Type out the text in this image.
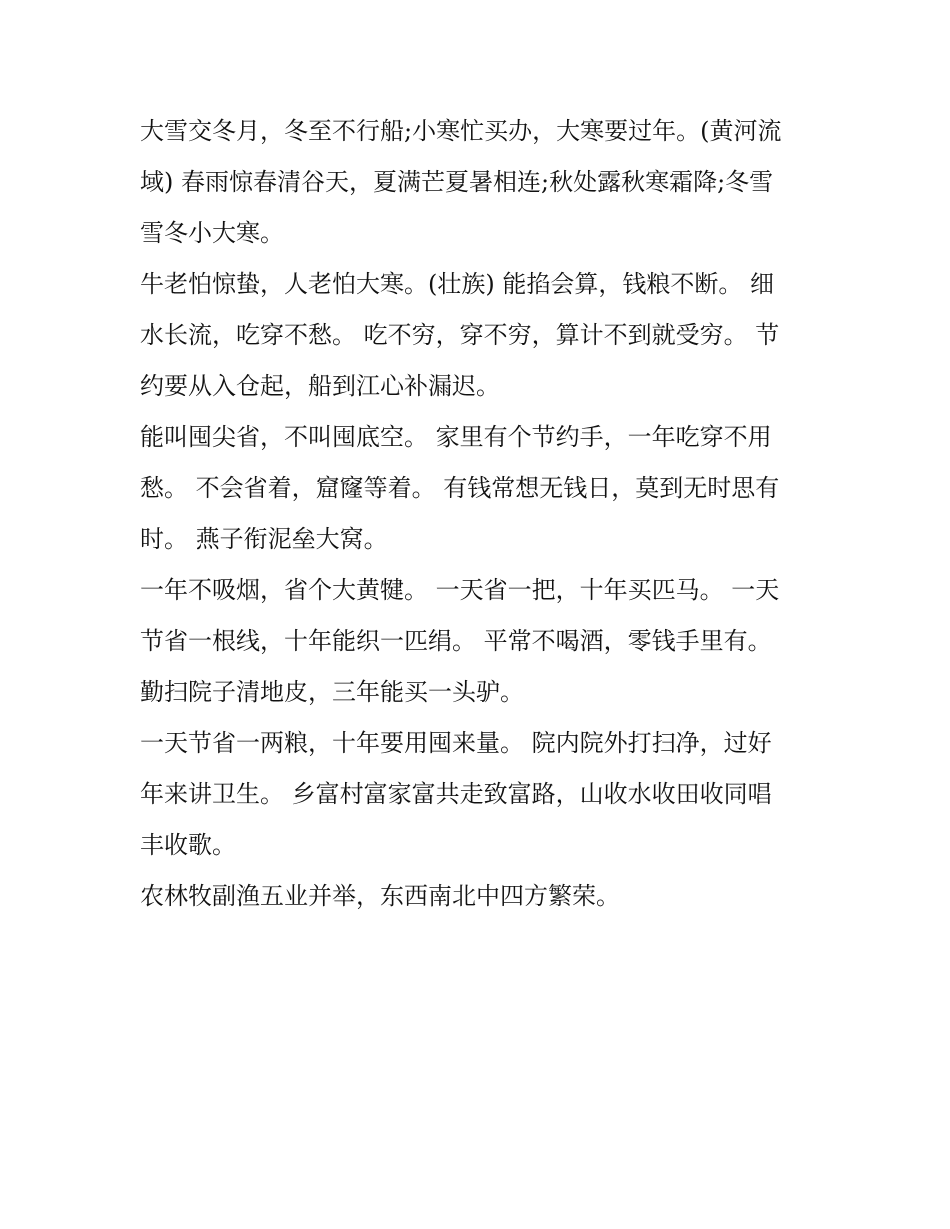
大雪交冬月，冬至不行船;小寒忙买办，大寒要过年。(黄河流
域) 春雨惊春清谷天，夏满芒夏暑相连;秋处露秋寒霜降;冬雪
雪冬小大寒。
牛老怕惊蛰，人老怕大寒。(壮族) 能掐会算，钱粮不断。 细
水长流，吃穿不愁。 吃不穷，穿不穷，算计不到就受穷。 节
约要从入仓起，船到江心补漏迟。
能叫囤尖省，不叫囤底空。 家里有个节约手，一年吃穿不用
愁。 不会省着，窟窿等着。 有钱常想无钱日，莫到无时思有
时。 燕子衔泥垒大窝。
一年不吸烟，省个大黄犍。 一天省一把，十年买匹马。 一天
节省一根线，十年能织一匹绢。 平常不喝酒，零钱手里有。
勤扫院子清地皮，三年能买一头驴。
一天节省一两粮，十年要用囤来量。 院内院外打扫净，过好
年来讲卫生。 乡富村富家富共走致富路，山收水收田收同唱
丰收歌。
农林牧副渔五业并举，东西南北中四方繁荣。
